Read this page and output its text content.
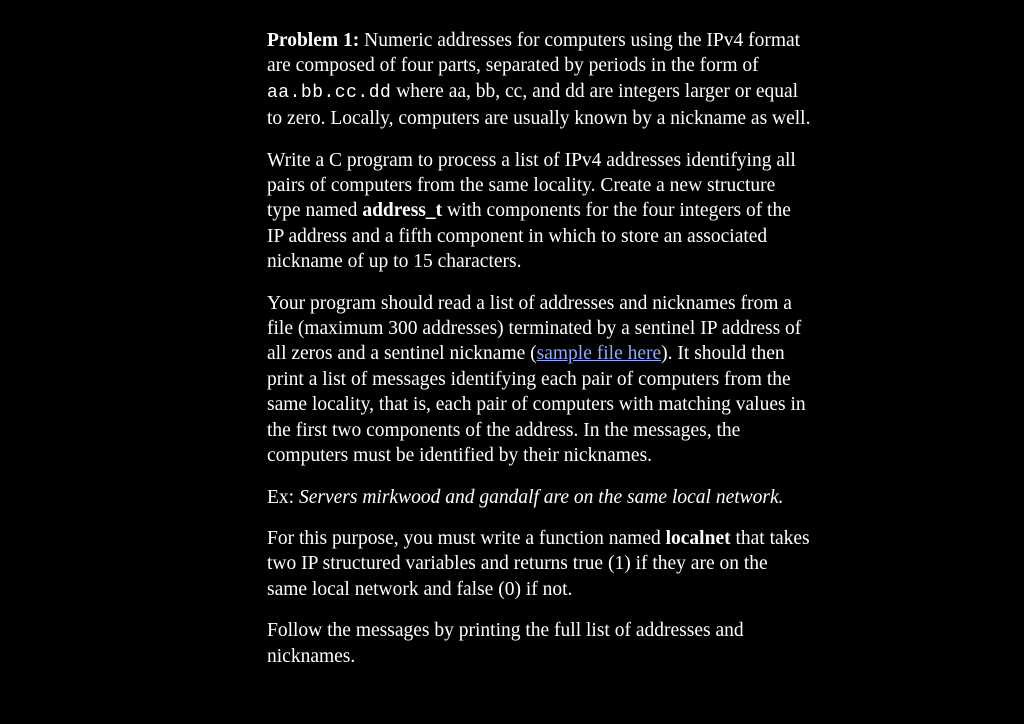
Problem 1: Numeric addresses for computers using the IPv4 format are composed of four parts, separated by periods in the form of aa.bb.cc.dd where aa, bb, cc, and dd are integers larger or equal to zero. Locally, computers are usually known by a nickname as well.

Write a C program to process a list of IPv4 addresses identifying all pairs of computers from the same locality. Create a new structure type named address_t with components for the four integers of the IP address and a fifth component in which to store an associated nickname of up to 15 characters.

Your program should read a list of addresses and nicknames from a file (maximum 300 addresses) terminated by a sentinel IP address of all zeros and a sentinel nickname (sample file here). It should then print a list of messages identifying each pair of computers from the same locality, that is, each pair of computers with matching values in the first two components of the address. In the messages, the computers must be identified by their nicknames.

Ex: Servers mirkwood and gandalf are on the same local network.

For this purpose, you must write a function named localnet that takes two IP structured variables and returns true (1) if they are on the same local network and false (0) if not.

Follow the messages by printing the full list of addresses and nicknames.
